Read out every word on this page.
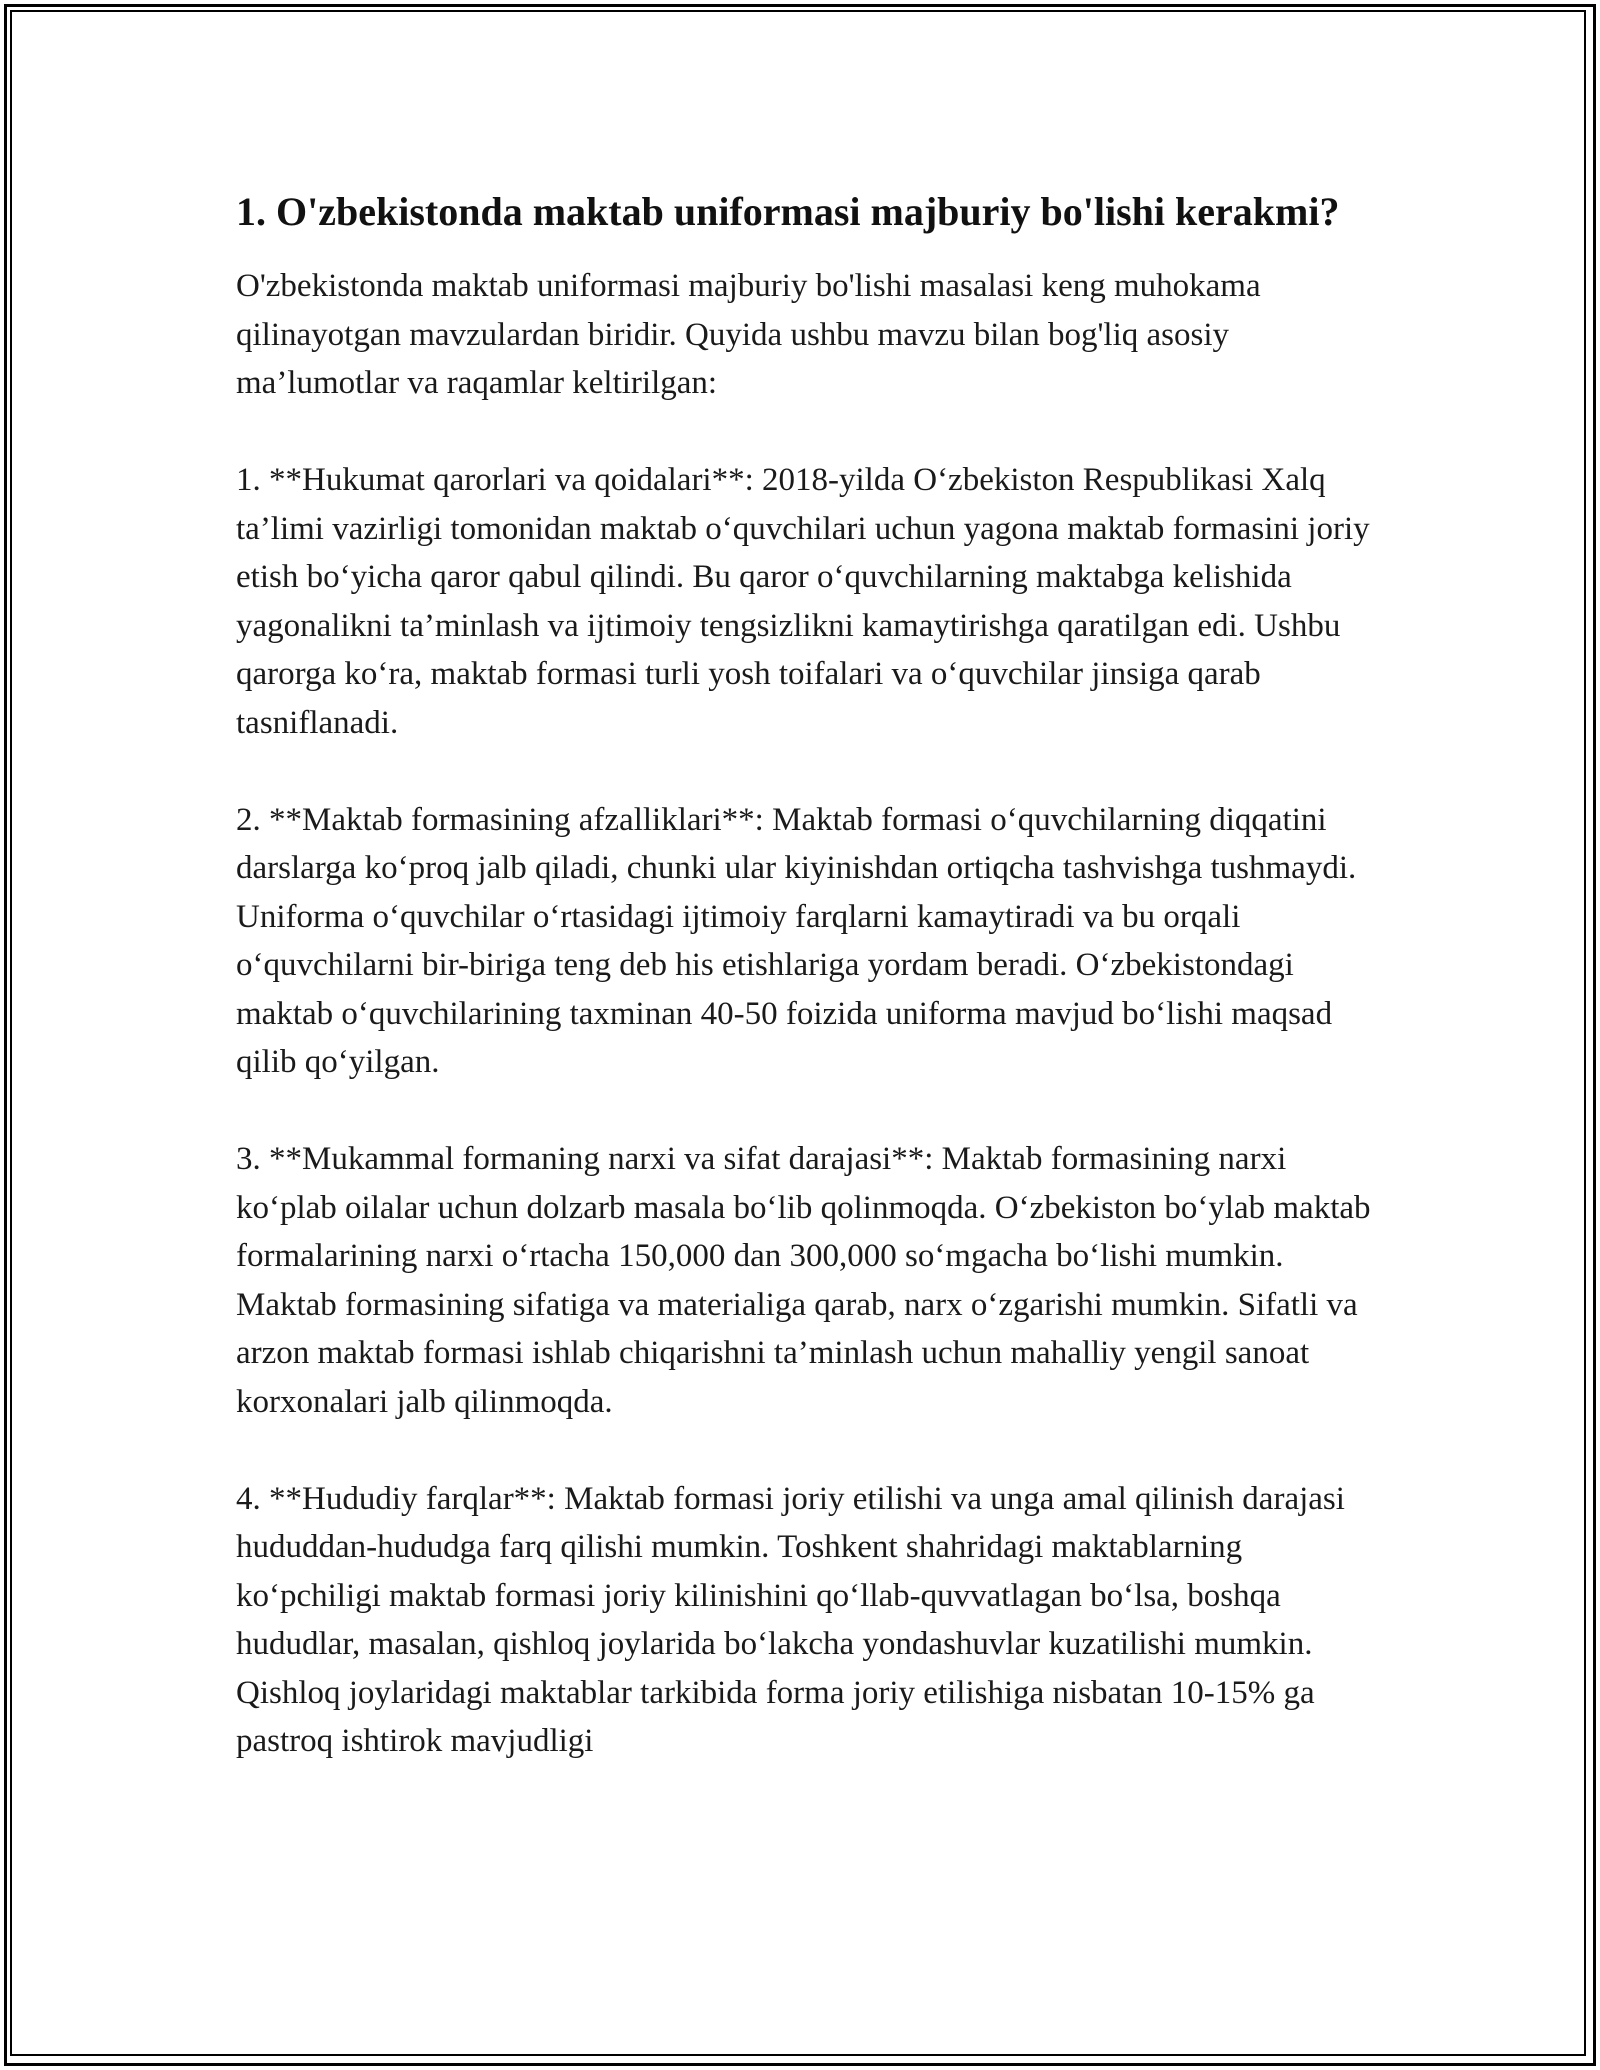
1. O'zbekistonda maktab uniformasi majburiy bo'lishi kerakmi?

O'zbekistonda maktab uniformasi majburiy bo'lishi masalasi keng muhokama qilinayotgan mavzulardan biridir. Quyida ushbu mavzu bilan bog'liq asosiy ma’lumotlar va raqamlar keltirilgan:

1. **Hukumat qarorlari va qoidalari**: 2018-yilda O‘zbekiston Respublikasi Xalq ta’limi vazirligi tomonidan maktab o‘quvchilari uchun yagona maktab formasini joriy etish bo‘yicha qaror qabul qilindi. Bu qaror o‘quvchilarning maktabga kelishida yagonalikni ta’minlash va ijtimoiy tengsizlikni kamaytirishga qaratilgan edi. Ushbu qarorga ko‘ra, maktab formasi turli yosh toifalari va o‘quvchilar jinsiga qarab tasniflanadi.

2. **Maktab formasining afzalliklari**: Maktab formasi o‘quvchilarning diqqatini darslarga ko‘proq jalb qiladi, chunki ular kiyinishdan ortiqcha tashvishga tushmaydi. Uniforma o‘quvchilar o‘rtasidagi ijtimoiy farqlarni kamaytiradi va bu orqali o‘quvchilarni bir-biriga teng deb his etishlariga yordam beradi. O‘zbekistondagi maktab o‘quvchilarining taxminan 40-50 foizida uniforma mavjud bo‘lishi maqsad qilib qo‘yilgan.

3. **Mukammal formaning narxi va sifat darajasi**: Maktab formasining narxi ko‘plab oilalar uchun dolzarb masala bo‘lib qolinmoqda. O‘zbekiston bo‘ylab maktab formalarining narxi o‘rtacha 150,000 dan 300,000 so‘mgacha bo‘lishi mumkin. Maktab formasining sifatiga va materialiga qarab, narx o‘zgarishi mumkin. Sifatli va arzon maktab formasi ishlab chiqarishni ta’minlash uchun mahalliy yengil sanoat korxonalari jalb qilinmoqda.

4. **Hududiy farqlar**: Maktab formasi joriy etilishi va unga amal qilinish darajasi hududdan-hududga farq qilishi mumkin. Toshkent shahridagi maktablarning ko‘pchiligi maktab formasi joriy kilinishini qo‘llab-quvvatlagan bo‘lsa, boshqa hududlar, masalan, qishloq joylarida bo‘lakcha yondashuvlar kuzatilishi mumkin. Qishloq joylaridagi maktablar tarkibida forma joriy etilishiga nisbatan 10-15% ga pastroq ishtirok mavjudligi
